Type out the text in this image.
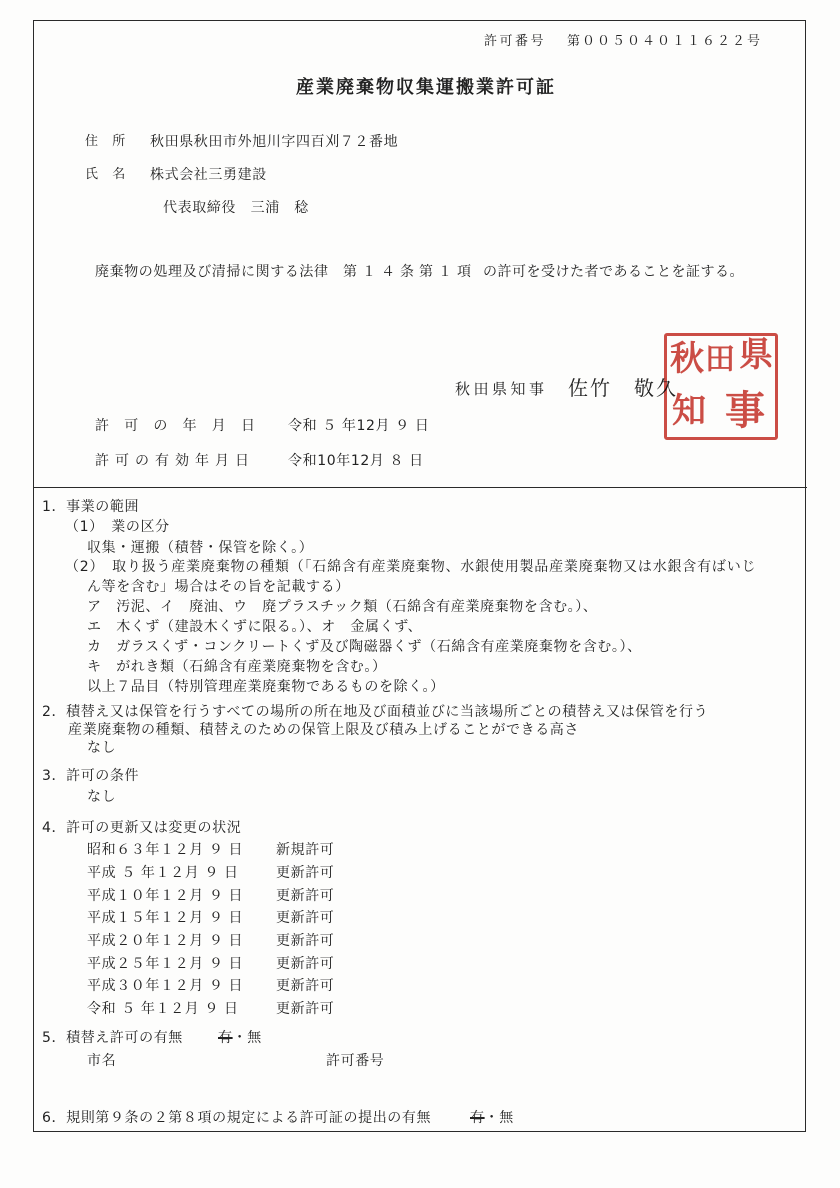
許可番号 第００５０４０１１６２２号
産業廃棄物収集運搬業許可証
住　所 秋田県秋田市外旭川字四百刈７２番地
氏　名 株式会社三勇建設
代表取締役　三浦　稔
廃棄物の処理及び清掃に関する法律 第１４条第１項 の許可を受けた者であることを証する。
秋田県知事 佐竹　敬久
秋 田 県
知 事
許　可　の　年　月　日 令和 ５ 年12月 ９ 日
許可の有効年月日 令和10年12月 ８ 日
1．事業の範囲
（1）　業の区分
収集・運搬（積替・保管を除く。）
（2）　取り扱う産業廃棄物の種類（「石綿含有産業廃棄物、水銀使用製品産業廃棄物又は水銀含有ばいじ
ん等を含む」場合はその旨を記載する）
ア　汚泥、イ　廃油、ウ　廃プラスチック類（石綿含有産業廃棄物を含む。）、
エ　木くず（建設木くずに限る。）、オ　金属くず、
カ　ガラスくず・コンクリートくず及び陶磁器くず（石綿含有産業廃棄物を含む。）、
キ　がれき類（石綿含有産業廃棄物を含む。）
以上７品目（特別管理産業廃棄物であるものを除く。）
2．積替え又は保管を行うすべての場所の所在地及び面積並びに当該場所ごとの積替え又は保管を行う
産業廃棄物の種類、積替えのための保管上限及び積み上げることができる高さ
なし
3．許可の条件
なし
4．許可の更新又は変更の状況
昭和６３年１２月 ９ 日 新規許可
平成 ５ 年１２月 ９ 日	更新許可
平成１０年１２月 ９ 日 更新許可
平成１５年１２月 ９ 日 更新許可
平成２０年１２月 ９ 日 更新許可
平成２５年１２月 ９ 日 更新許可
平成３０年１２月 ９ 日 更新許可
令和 ５ 年１２月 ９ 日	更新許可
5．積替え許可の有無	有・無
市名	許可番号
6．規則第９条の２第８項の規定による許可証の提出の有無	有・無
